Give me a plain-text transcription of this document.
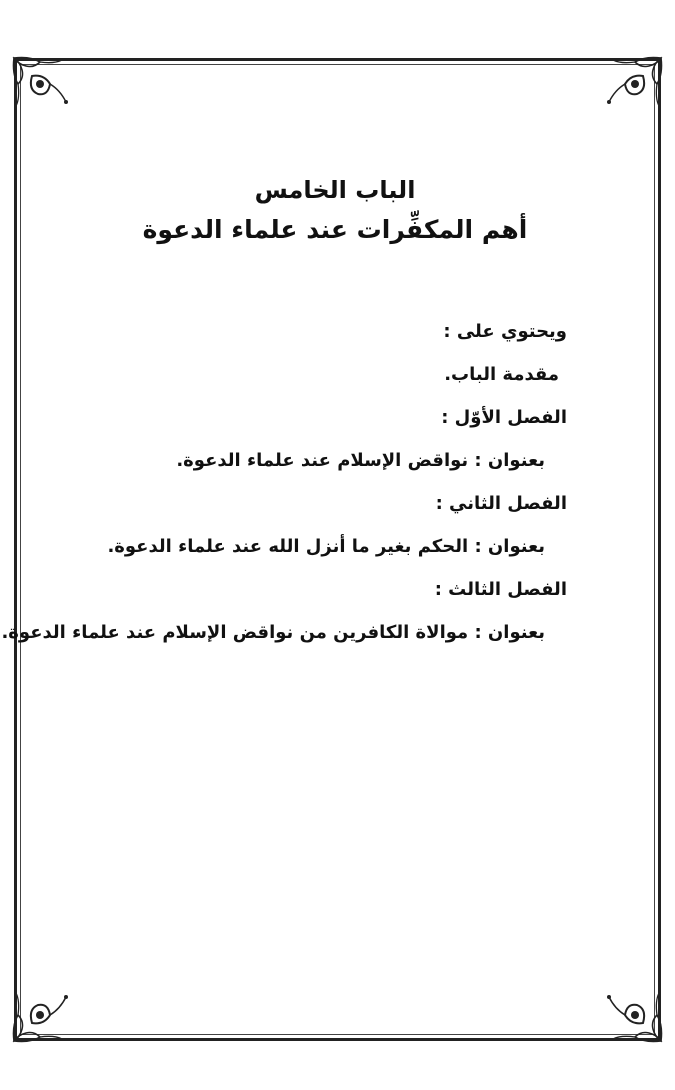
الباب الخامس

أهم المكفِّرات عند علماء الدعوة

ويحتوي على :
مقدمة الباب.
الفصل الأوّل :
بعنوان : نواقض الإسلام عند علماء الدعوة.
الفصل الثاني :
بعنوان : الحكم بغير ما أنزل الله عند علماء الدعوة.
الفصل الثالث :
بعنوان : موالاة الكافرين من نواقض الإسلام عند علماء الدعوة.
